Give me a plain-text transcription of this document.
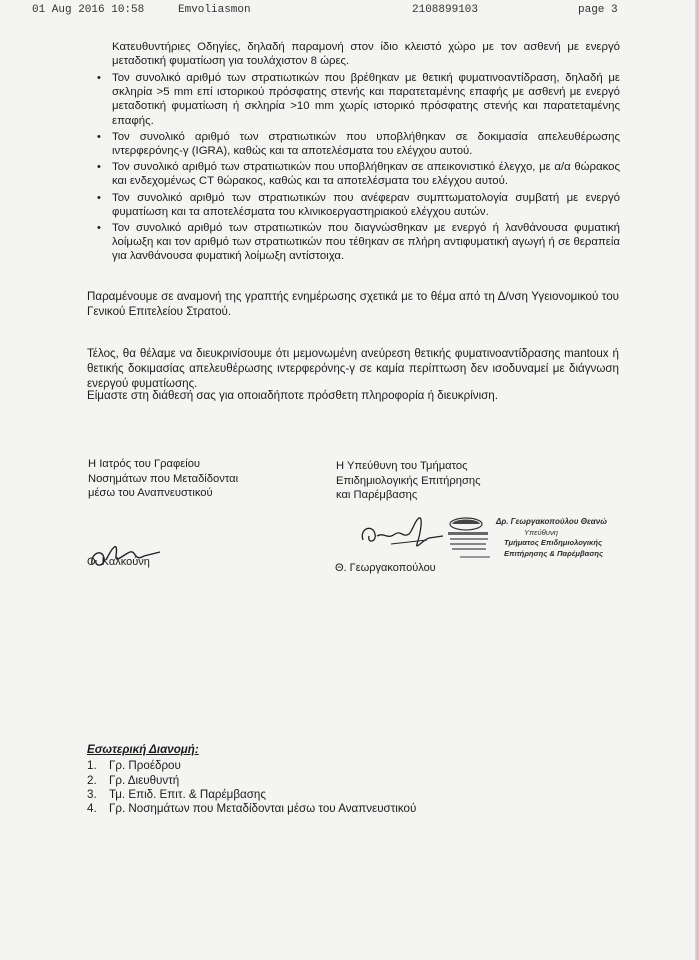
01 Aug 2016 10:58	Emvoliasmon	2108899103	page 3
Κατευθυντήριες Οδηγίες, δηλαδή παραμονή στον ίδιο κλειστό χώρο με τον ασθενή με ενεργό μεταδοτική φυματίωση για τουλάχιστον 8 ώρες.
• Τον συνολικό αριθμό των στρατιωτικών που βρέθηκαν με θετική φυματινοαντίδραση, δηλαδή με σκληρία >5 mm επί ιστορικού πρόσφατης στενής και παρατεταμένης επαφής με ασθενή με ενεργό μεταδοτική φυματίωση ή σκληρία >10 mm χωρίς ιστορικό πρόσφατης στενής και παρατεταμένης επαφής.
• Τον συνολικό αριθμό των στρατιωτικών που υποβλήθηκαν σε δοκιμασία απελευθέρωσης ιντερφερόνης-γ (IGRA), καθώς και τα αποτελέσματα του ελέγχου αυτού.
• Τον συνολικό αριθμό των στρατιωτικών που υποβλήθηκαν σε απεικονιστικό έλεγχο, με α/α θώρακος και ενδεχομένως CT θώρακος, καθώς και τα αποτελέσματα του ελέγχου αυτού.
• Τον συνολικό αριθμό των στρατιωτικών που ανέφεραν συμπτωματολογία συμβατή με ενεργό φυματίωση και τα αποτελέσματα του κλινικοεργαστηριακού ελέγχου αυτών.
• Τον συνολικό αριθμό των στρατιωτικών που διαγνώσθηκαν με ενεργό ή λανθάνουσα φυματική λοίμωξη και τον αριθμό των στρατιωτικών που τέθηκαν σε πλήρη αντιφυματική αγωγή ή σε θεραπεία για λανθάνουσα φυματική λοίμωξη αντίστοιχα.
Παραμένουμε σε αναμονή της γραπτής ενημέρωσης σχετικά με το θέμα από τη Δ/νση Υγειονομικού του Γενικού Επιτελείου Στρατού.
Τέλος, θα θέλαμε να διευκρινίσουμε ότι μεμονωμένη ανεύρεση θετικής φυματινοαντίδρασης mantoux ή θετικής δοκιμασίας απελευθέρωσης ιντερφερόνης-γ σε καμία περίπτωση δεν ισοδυναμεί με διάγνωση ενεργού φυματίωσης.
Είμαστε στη διάθεσή σας για οποιαδήποτε πρόσθετη πληροφορία ή διευκρίνιση.
Η Ιατρός του Γραφείου
Νοσημάτων που Μεταδίδονται
μέσω του Αναπνευστικού
Η Υπεύθυνη του Τμήματος
Επιδημιολογικής Επιτήρησης
και Παρέμβασης
Δρ. Γεωργακοπούλου Θεανώ
Υπεύθυνη
Τμήματος Επιδημιολογικής
Επιτήρησης & Παρέμβασης
Ο. Καλκούνη	Θ. Γεωργακοπούλου
Εσωτερική Διανομή:
1. Γρ. Προέδρου
2. Γρ. Διευθυντή
3. Τμ. Επιδ. Επιτ. & Παρέμβασης
4. Γρ. Νοσημάτων που Μεταδίδονται μέσω του Αναπνευστικού
